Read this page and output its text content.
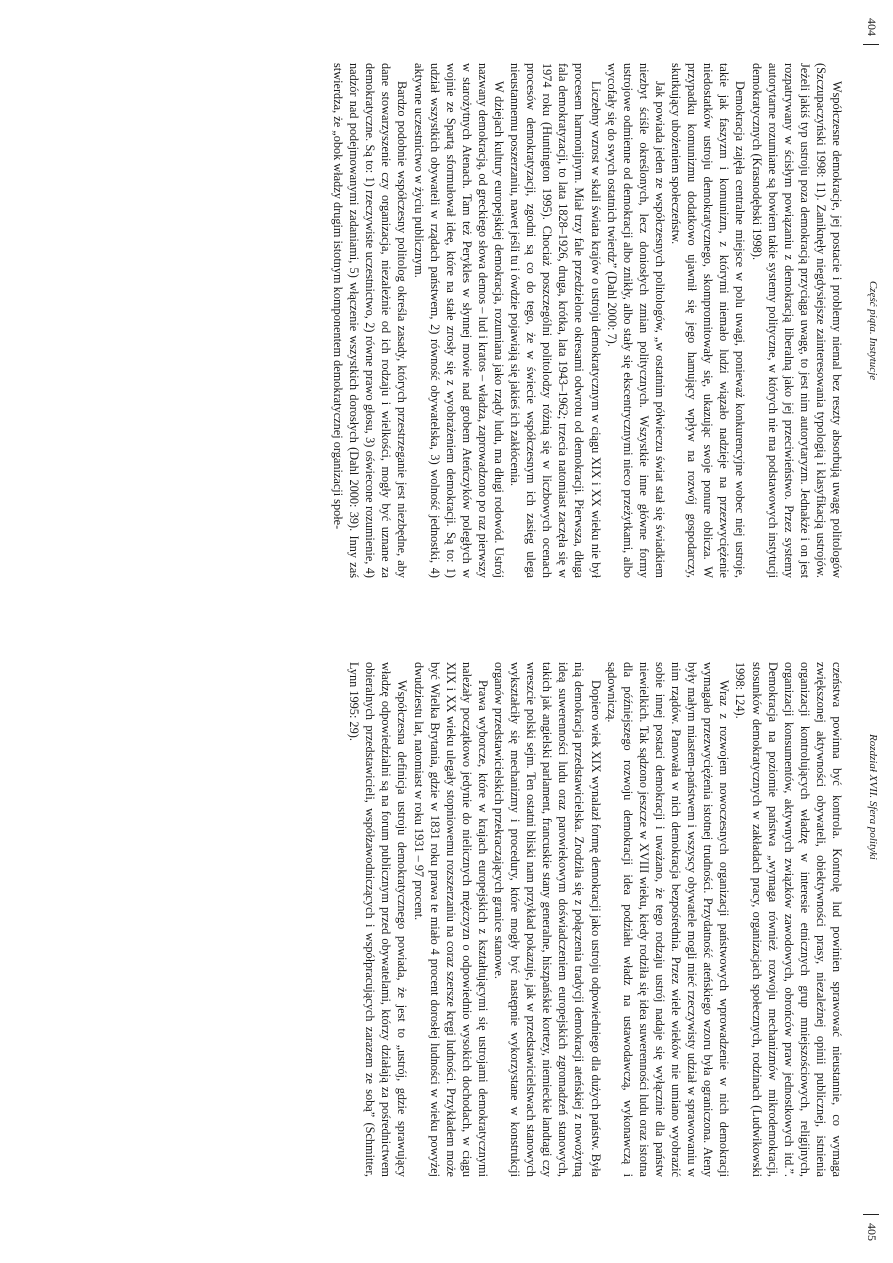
404
Część piąta. Instytucje

Współczesne demokracje, jej postacie i problemy niemal bez reszty absorbują uwagę politologów (Szczupaczyński 1998: 11). Zaniknęły niegdysiejsze zainteresowania typologią i klasyfikacją ustrojów. Jeżeli jakiś typ ustroju poza demokracją przyciąga uwagę, to jest nim autorytaryzm. Jednakże i on jest rozpatrywany w ścisłym powiązaniu z demokracją liberalną jako jej przeciwieństwo. Przez systemy autorytarne rozumiane są bowiem takie systemy polityczne, w których nie ma podstawowych instytucji demokratycznych (Krasnodębski 1998).

Demokracja zajęła centralne miejsce w polu uwagi, ponieważ konkurencyjne wobec niej ustroje, takie jak faszyzm i komunizm, z którymi niemało ludzi wiązało nadzieje na przezwyciężenie niedostatków ustroju demokratycznego, skompromitowały się, ukazując swoje ponure oblicza. W przypadku komunizmu dodatkowo ujawnił się jego hamujący wpływ na rozwój gospodarczy, skutkujący ubożeniem społeczeństw.

Jak powiada jeden ze współczesnych politologów, „w ostatnim półwieczu świat stał się świadkiem niezbyt ściśle określonych, lecz doniosłych zmian politycznych. Wszystkie inne główne formy ustrojowe odmienne od demokracji albo znikły, albo stały się ekscentrycznymi nieco przeżytkami, albo wycofały się do swych ostatnich twierdz” (Dahl 2000: 7).

Liczebny wzrost w skali świata krajów o ustroju demokratycznym w ciągu XIX i XX wieku nie był procesem harmonijnym. Miał trzy fale przedzielone okresami odwrotu od demokracji. Pierwsza, długa fala demokratyzacji, to lata 1828–1926, druga, krótka, lata 1943–1962; trzecia natomiast zaczęła się w 1974 roku (Huntington 1995). Chociaż poszczególni politolodzy różnią się w liczbowych ocenach procesów demokratyzacji, zgodni są co do tego, że w świecie współczesnym ich zasięg ulega nieustannemu poszerzaniu, nawet jeśli tu i ówdzie pojawiają się jakieś ich zakłócenia.

W dziejach kultury europejskiej demokracja, rozumiana jako rządy ludu, ma długi rodowód. Ustrój nazwany demokracją, od greckiego słowa demos – lud i kratos – władza, zaprowadzono po raz pierwszy w starożytnych Atenach. Tam też Perykles w słynnej mowie nad grobem Ateńczyków poległych w wojnie ze Spartą sformułował ideę, które na stałe zrosły się z wyobrażeniem demokracji. Są to: 1) udział wszystkich obywateli w rządach państwem, 2) równość obywatelska, 3) wolność jednostki, 4) aktywne uczestnictwo w życiu publicznym.

Bardzo podobnie współczesny politolog określa zasady, których przestrzeganie jest niezbędne, aby dane stowarzyszenie czy organizacja, niezależnie od ich rodzaju i wielkości, mogły być uznane za demokratyczne. Są to: 1) rzeczywiste uczestnictwo, 2) równe prawo głosu, 3) oświecone rozumienie, 4) nadzór nad podejmowanymi zadaniami, 5) włączenie wszystkich dorosłych (Dahl 2000: 39). Inny zaś stwierdza, że „obok władzy drugim istotnym komponentem demokratycznej organizacji społe-

Rozdział XVII. Sfera polityki
405

czeństwa powinna być kontrola. Kontrolę lud powinien sprawować nieustannie, co wymaga zwiększonej aktywności obywateli, obiektywności prasy, niezależnej opinii publicznej, istnienia organizacji kontrolujących władzę w interesie etnicznych grup mniejszościowych, religijnych, organizacji konsumentów, aktywnych związków zawodowych, obrońców praw jednostkowych itd.”. Demokracja na poziomie państwa „wymaga również rozwoju mechanizmów mikrodemokracji, stosunków demokratycznych w zakładach pracy, organizacjach społecznych, rodzinach (Ludwikowski 1998: 124).

Wraz z rozwojem nowoczesnych organizacji państwowych wprowadzenie w nich demokracji wymagało przezwyciężenia istotnej trudności. Przydatność ateńskiego wzoru była ograniczona. Ateny były małym miastem-państwem i wszyscy obywatele mogli mieć rzeczywisty udział w sprawowaniu w nim rządów. Panowała w nich demokracja bezpośrednia. Przez wiele wieków nie umiano wyobrazić sobie innej postaci demokracji i uważano, że tego rodzaju ustrój nadaje się wyłącznie dla państw niewielkich. Tak sądzono jeszcze w XVIII wieku, kiedy rodziła się idea suwerenności ludu oraz istotna dla późniejszego rozwoju demokracji idea podziału władz na ustawodawczą, wykonawczą i sądowniczą.

Dopiero wiek XIX wynalazł formę demokracji jako ustroju odpowiedniego dla dużych państw. Była nią demokracja przedstawicielska. Zrodziła się z połączenia tradycji demokracji ateńskiej z nowożytną ideą suwerenności ludu oraz parowiekowym doświadczeniem europejskich zgromadzeń stanowych, takich jak angielski parlament, francuskie stany generalne, hiszpańskie kortezy, niemieckie landtagi czy wreszcie polski sejm. Ten ostatni bliski nam przykład pokazuje, jak w przedstawicielstwach stanowych wykształciły się mechanizmy i procedury, które mogły być następnie wykorzystane w konstrukcji organów przedstawicielskich przekraczających granice stanowe.

Prawa wyborcze, które w krajach europejskich z kształtującymi się ustrojami demokratycznymi należały początkowo jedynie do nielicznych mężczyzn o odpowiednio wysokich dochodach, w ciągu XIX i XX wieku ulegały stopniowemu rozszerzaniu na coraz szersze kręgi ludności. Przykładem może być Wielka Brytania, gdzie w 1831 roku prawa te miało 4 procent dorosłej ludności w wieku powyżej dwudziestu lat, natomiast w roku 1931 – 97 procent.

Współczesna definicja ustroju demokratycznego powiada, że jest to „ustrój, gdzie sprawujący władzę odpowiedzialni są na forum publicznym przed obywatelami, którzy działają za pośrednictwem obieralnych przedstawicieli, współzawodniczących i współpracujących zarazem ze sobą” (Schmitter, Lynn 1995: 29).
